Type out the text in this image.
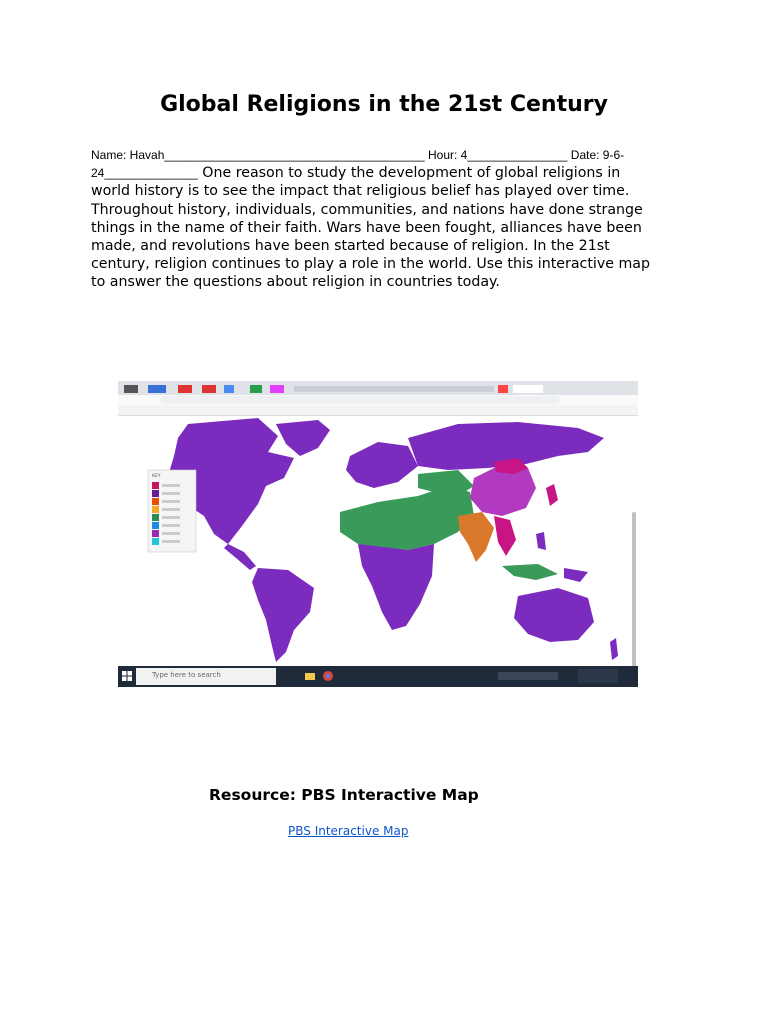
Global Religions in the 21st Century
Name: Havah_______________________________________ Hour: 4_______________ Date: 9-6-24______________ One reason to study the development of global religions in world history is to see the impact that religious belief has played over time. Throughout history, individuals, communities, and nations have done strange things in the name of their faith. Wars have been fought, alliances have been made, and revolutions have been started because of religion. In the 21st century, religion continues to play a role in the world. Use this interactive map to answer the questions about religion in countries today.
KEY
Type here to search
Resource: PBS Interactive Map
PBS Interactive Map
